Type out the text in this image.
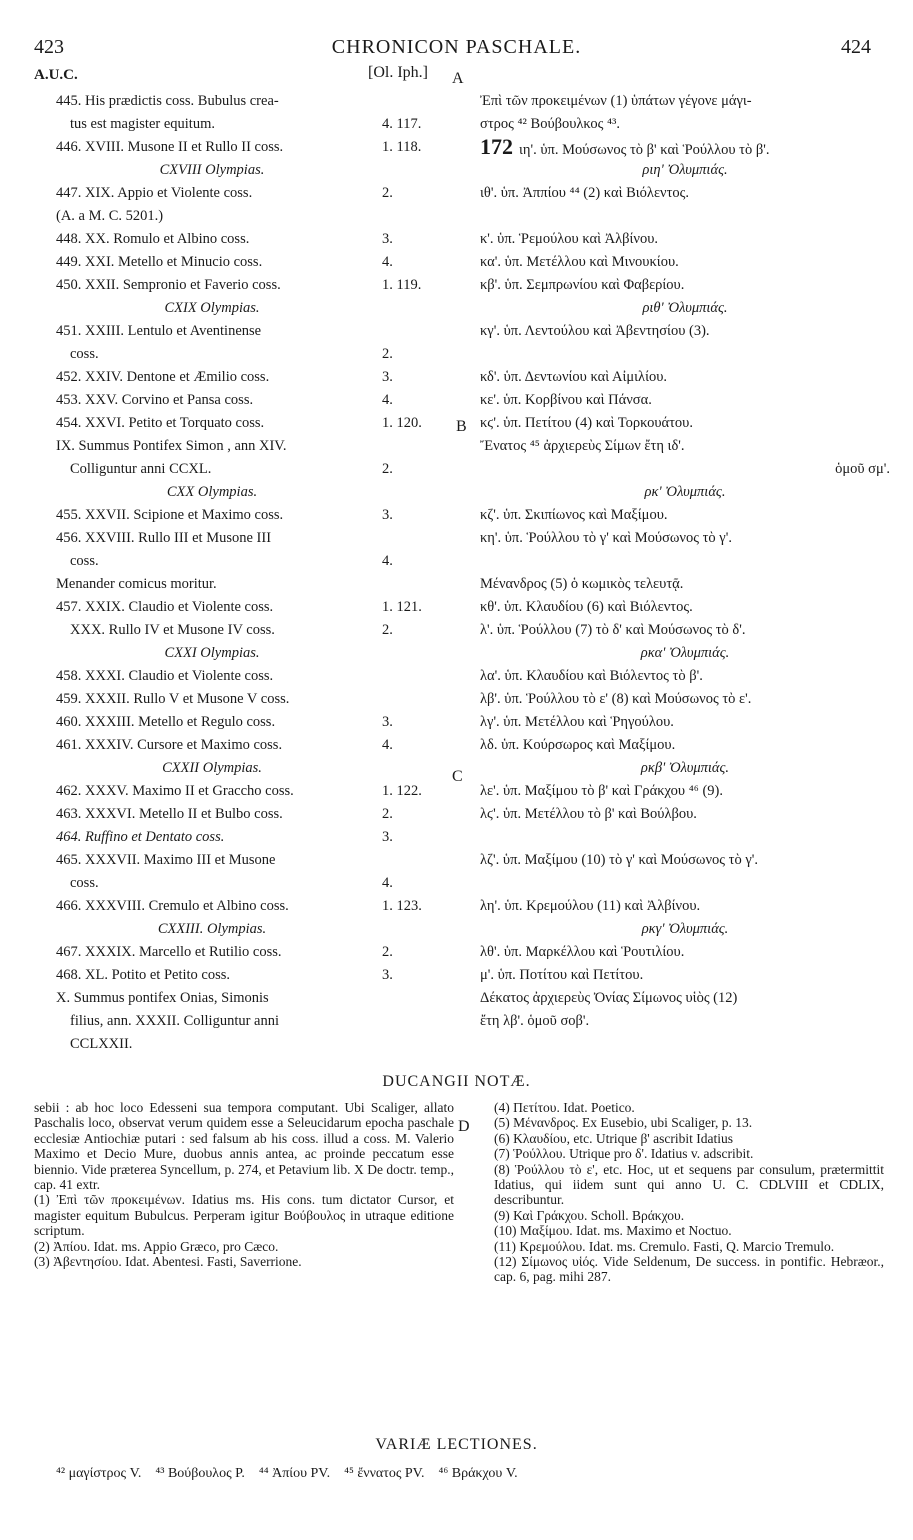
423	CHRONICON PASCHALE.	424
A.U.C.	[Ol. Iph.] A
B
C
D
445. His prædictis coss. Bubulus crea-	Ἐπὶ τῶν προκειμένων (1) ὑπάτων γέγονε μάγι-
tus est magister equitum.	4. 117.	στρος ⁴² Βούβουλκος ⁴³.
446. XVIII. Musone II et Rullo II coss.	1. 118.	172 ιη'. ὑπ. Μούσωνος τὸ β' καὶ Ῥούλλου τὸ β'.
CXVIII Olympias.	ριη' Ὀλυμπιάς.
447. XIX. Appio et Violente coss.	2.	ιθ'. ὑπ. Ἀππίου ⁴⁴ (2) καὶ Βιόλεντος.
(A. a M. C. 5201.)
448. XX. Romulo et Albino coss.	3.	κ'. ὑπ. Ῥεμούλου καὶ Ἀλβίνου.
449. XXI. Metello et Minucio coss.	4.	κα'. ὑπ. Μετέλλου καὶ Μινουκίου.
450. XXII. Sempronio et Faverio coss.	1. 119.	κβ'. ὑπ. Σεμπρωνίου καὶ Φαβερίου.
CXIX Olympias.	ριθ' Ὀλυμπιάς.
451. XXIII. Lentulo et Aventinense	κγ'. ὑπ. Λεντούλου καὶ Ἀβεντησίου (3).
coss.	2.
452. XXIV. Dentone et Æmilio coss.	3.	κδ'. ὑπ. Δεντωνίου καὶ Αἰμιλίου.
453. XXV. Corvino et Pansa coss.	4.	κε'. ὑπ. Κορβίνου καὶ Πάνσα.
454. XXVI. Petito et Torquato coss.	1. 120.	κϛ'. ὑπ. Πετίτου (4) καὶ Τορκουάτου.
IX. Summus Pontifex Simon , ann XIV.	Ἔνατος ⁴⁵ ἀρχιερεὺς Σίμων ἔτη ιδ'.
Colliguntur anni CCXL.	2.	ὁμοῦ σμ'.
CXX Olympias.	ρκ' Ὀλυμπιάς.
455. XXVII. Scipione et Maximo coss.	3.	κζ'. ὑπ. Σκιπίωνος καὶ Μαξίμου.
456. XXVIII. Rullo III et Musone III	κη'. ὑπ. Ῥούλλου τὸ γ' καὶ Μούσωνος τὸ γ'.
coss.	4.
Menander comicus moritur.	Μένανδρος (5) ὁ κωμικὸς τελευτᾷ.
457. XXIX. Claudio et Violente coss.	1. 121.	κθ'. ὑπ. Κλαυδίου (6) καὶ Βιόλεντος.
XXX. Rullo IV et Musone IV coss.	2.	λ'. ὑπ. Ῥούλλου (7) τὸ δ' καὶ Μούσωνος τὸ δ'.
CXXI Olympias.	ρκα' Ὀλυμπιάς.
458. XXXI. Claudio et Violente coss.	λα'. ὑπ. Κλαυδίου καὶ Βιόλεντος τὸ β'.
459. XXXII. Rullo V et Musone V coss.	λβ'. ὑπ. Ῥούλλου τὸ ε' (8) καὶ Μούσωνος τὸ ε'.
460. XXXIII. Metello et Regulo coss.	3.	λγ'. ὑπ. Μετέλλου καὶ Ῥηγούλου.
461. XXXIV. Cursore et Maximo coss.	4.	λδ. ὑπ. Κούρσωρος καὶ Μαξίμου.
CXXII Olympias.	ρκβ' Ὀλυμπιάς.
462. XXXV. Maximo II et Graccho coss.	1. 122.	λε'. ὑπ. Μαξίμου τὸ β' καὶ Γράκχου ⁴⁶ (9).
463. XXXVI. Metello II et Bulbo coss.	2.	λϛ'. ὑπ. Μετέλλου τὸ β' καὶ Βούλβου.
464. Ruffino et Dentato coss.	3.
465. XXXVII. Maximo III et Musone	λζ'. ὑπ. Μαξίμου (10) τὸ γ' καὶ Μούσωνος τὸ γ'.
coss.	4.
466. XXXVIII. Cremulo et Albino coss.	1. 123.	λη'. ὑπ. Κρεμούλου (11) καὶ Ἀλβίνου.
CXXIII. Olympias.	ρκγ' Ὀλυμπιάς.
467. XXXIX. Marcello et Rutilio coss.	2.	λθ'. ὑπ. Μαρκέλλου καὶ Ῥουτιλίου.
468. XL. Potito et Petito coss.	3.	μ'. ὑπ. Ποτίτου καὶ Πετίτου.
X. Summus pontifex Onias, Simonis	Δέκατος ἀρχιερεὺς Ὀνίας Σίμωνος υἱὸς (12)
filius, ann. XXXII. Colliguntur anni	ἔτη λβ'. ὁμοῦ σοβ'.
CCLXXII.
DUCANGII NOTÆ.

sebii : ab hoc loco Edesseni sua tempora computant. Ubi Scaliger, allato Paschalis loco, observat verum quidem esse a Seleucidarum epocha paschale ecclesiæ Antiochiæ putari : sed falsum ab his coss. illud a coss. M. Valerio Maximo et Decio Mure, duobus annis antea, ac proinde peccatum esse biennio. Vide præterea Syncellum, p. 274, et Petavium lib. X De doctr. temp., cap. 41 extr.

(1) Ἐπὶ τῶν προκειμένων. Idatius ms. His cons. tum dictator Cursor, et magister equitum Bubulcus. Perperam igitur Βούβουλος in utraque editione scriptum.

(2) Ἀπίου. Idat. ms. Appio Græco, pro Cæco.

(3) Ἀβεντησίου. Idat. Abentesi. Fasti, Saverrione.

(4) Πετίτου. Idat. Poetico.

(5) Μένανδρος. Ex Eusebio, ubi Scaliger, p. 13.

(6) Κλαυδίου, etc. Utrique β' ascribit Idatius

(7) Ῥούλλου. Utrique pro δ'. Idatius v. adscribit.

(8) Ῥούλλου τὸ ε', etc. Hoc, ut et sequens par consulum, prætermittit Idatius, qui iidem sunt qui anno U. C. CDLVIII et CDLIX, describuntur.

(9) Καὶ Γράκχου. Scholl. Βράκχου.

(10) Μαξίμου. Idat. ms. Maximo et Noctuo.

(11) Κρεμούλου. Idat. ms. Cremulo. Fasti, Q. Marcio Tremulo.

(12) Σίμωνος υἱός. Vide Seldenum, De success. in pontific. Hebræor., cap. 6, pag. mihi 287.

VARIÆ LECTIONES.
⁴² μαγίστρος V. ⁴³ Βούβουλος P. ⁴⁴ Ἀπίου PV. ⁴⁵ ἔννατος PV. ⁴⁶ Βράκχου V.
